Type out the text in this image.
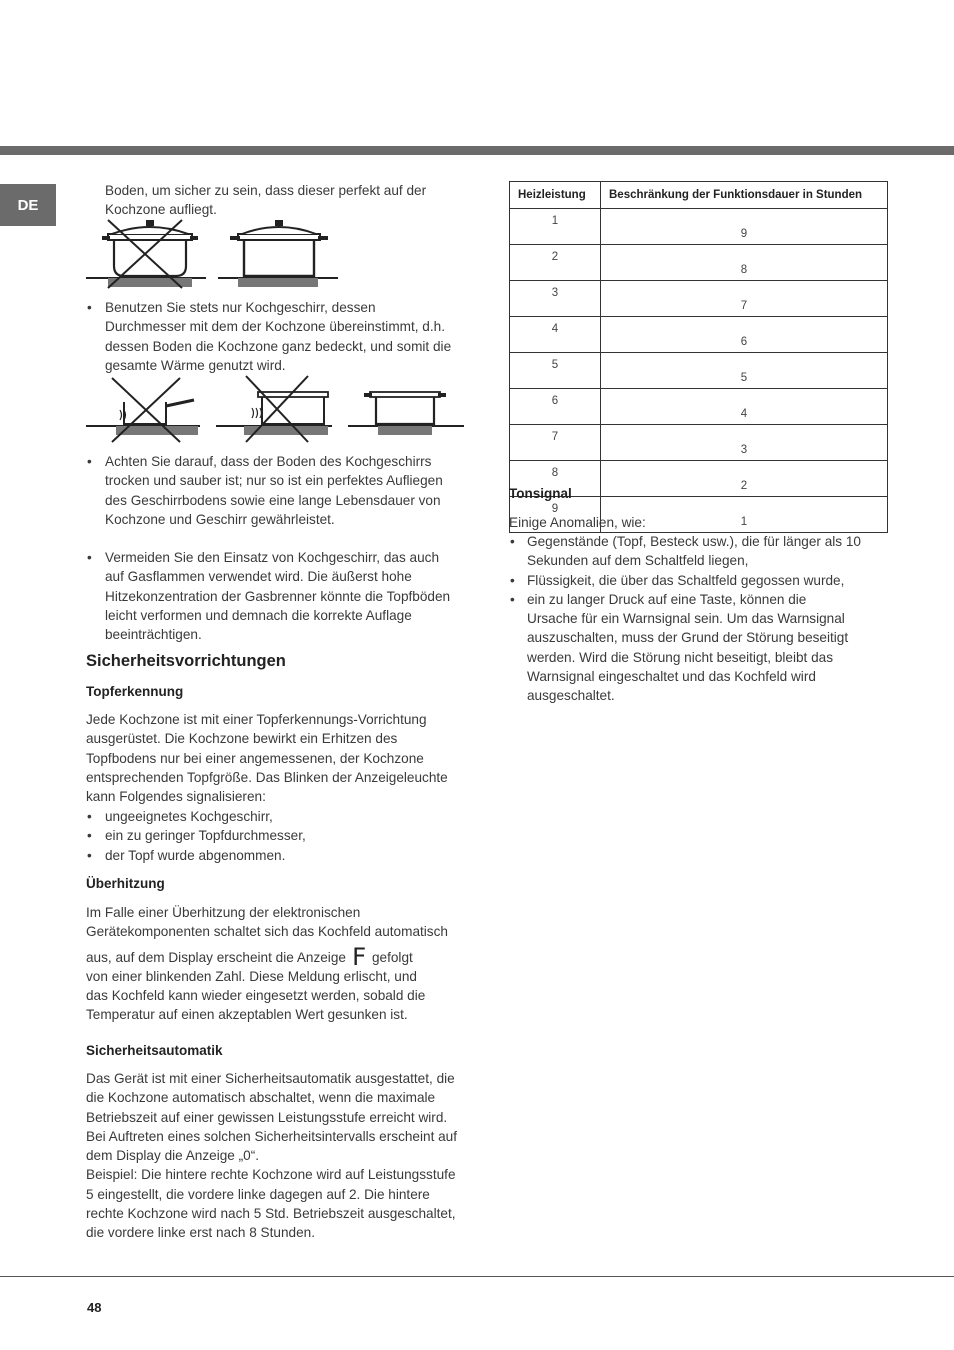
DE
Boden, um sicher zu sein, dass dieser perfekt auf der
Kochzone aufliegt.
• Benutzen Sie stets nur Kochgeschirr, dessen
Durchmesser mit dem der Kochzone übereinstimmt, d.h.
dessen Boden die Kochzone ganz bedeckt, und somit die
gesamte Wärme genutzt wird.
• Achten Sie darauf, dass der Boden des Kochgeschirrs
trocken und sauber ist; nur so ist ein perfektes Aufliegen
des Geschirrbodens sowie eine lange Lebensdauer von
Kochzone und Geschirr gewährleistet.
• Vermeiden Sie den Einsatz von Kochgeschirr, das auch
auf Gasflammen verwendet wird. Die äußerst hohe
Hitzekonzentration der Gasbrenner könnte die Topfböden
leicht verformen und demnach die korrekte Auflage
beeinträchtigen.
Sicherheitsvorrichtungen
Topferkennung
Jede Kochzone ist mit einer Topferkennungs-Vorrichtung
ausgerüstet. Die Kochzone bewirkt ein Erhitzen des
Topfbodens nur bei einer angemessenen, der Kochzone
entsprechenden Topfgröße. Das Blinken der Anzeigeleuchte
kann Folgendes signalisieren:
• ungeeignetes Kochgeschirr,
• ein zu geringer Topfdurchmesser,
• der Topf wurde abgenommen.
Überhitzung
Im Falle einer Überhitzung der elektronischen
Gerätekomponenten schaltet sich das Kochfeld automatisch
aus, auf dem Display erscheint die Anzeige F gefolgt
von einer blinkenden Zahl. Diese Meldung erlischt, und
das Kochfeld kann wieder eingesetzt werden, sobald die
Temperatur auf einen akzeptablen Wert gesunken ist.
Sicherheitsautomatik
Das Gerät ist mit einer Sicherheitsautomatik ausgestattet, die
die Kochzone automatisch abschaltet, wenn die maximale
Betriebszeit auf einer gewissen Leistungsstufe erreicht wird.
Bei Auftreten eines solchen Sicherheitsintervalls erscheint auf
dem Display die Anzeige „0“.
Beispiel: Die hintere rechte Kochzone wird auf Leistungsstufe
5 eingestellt, die vordere linke dagegen auf 2. Die hintere
rechte Kochzone wird nach 5 Std. Betriebszeit ausgeschaltet,
die vordere linke erst nach 8 Stunden.
Heizleistung	Beschränkung der Funktionsdauer in Stunden
1	9
2	8
3	7
4	6
5	5
6	4
7	3
8	2
9	1
Tonsignal
Einige Anomalien, wie:
• Gegenstände (Topf, Besteck usw.), die für länger als 10
Sekunden auf dem Schaltfeld liegen,
• Flüssigkeit, die über das Schaltfeld gegossen wurde,
• ein zu langer Druck auf eine Taste, können die
Ursache für ein Warnsignal sein. Um das Warnsignal
auszuschalten, muss der Grund der Störung beseitigt
werden. Wird die Störung nicht beseitigt, bleibt das
Warnsignal eingeschaltet und das Kochfeld wird
ausgeschaltet.
48
